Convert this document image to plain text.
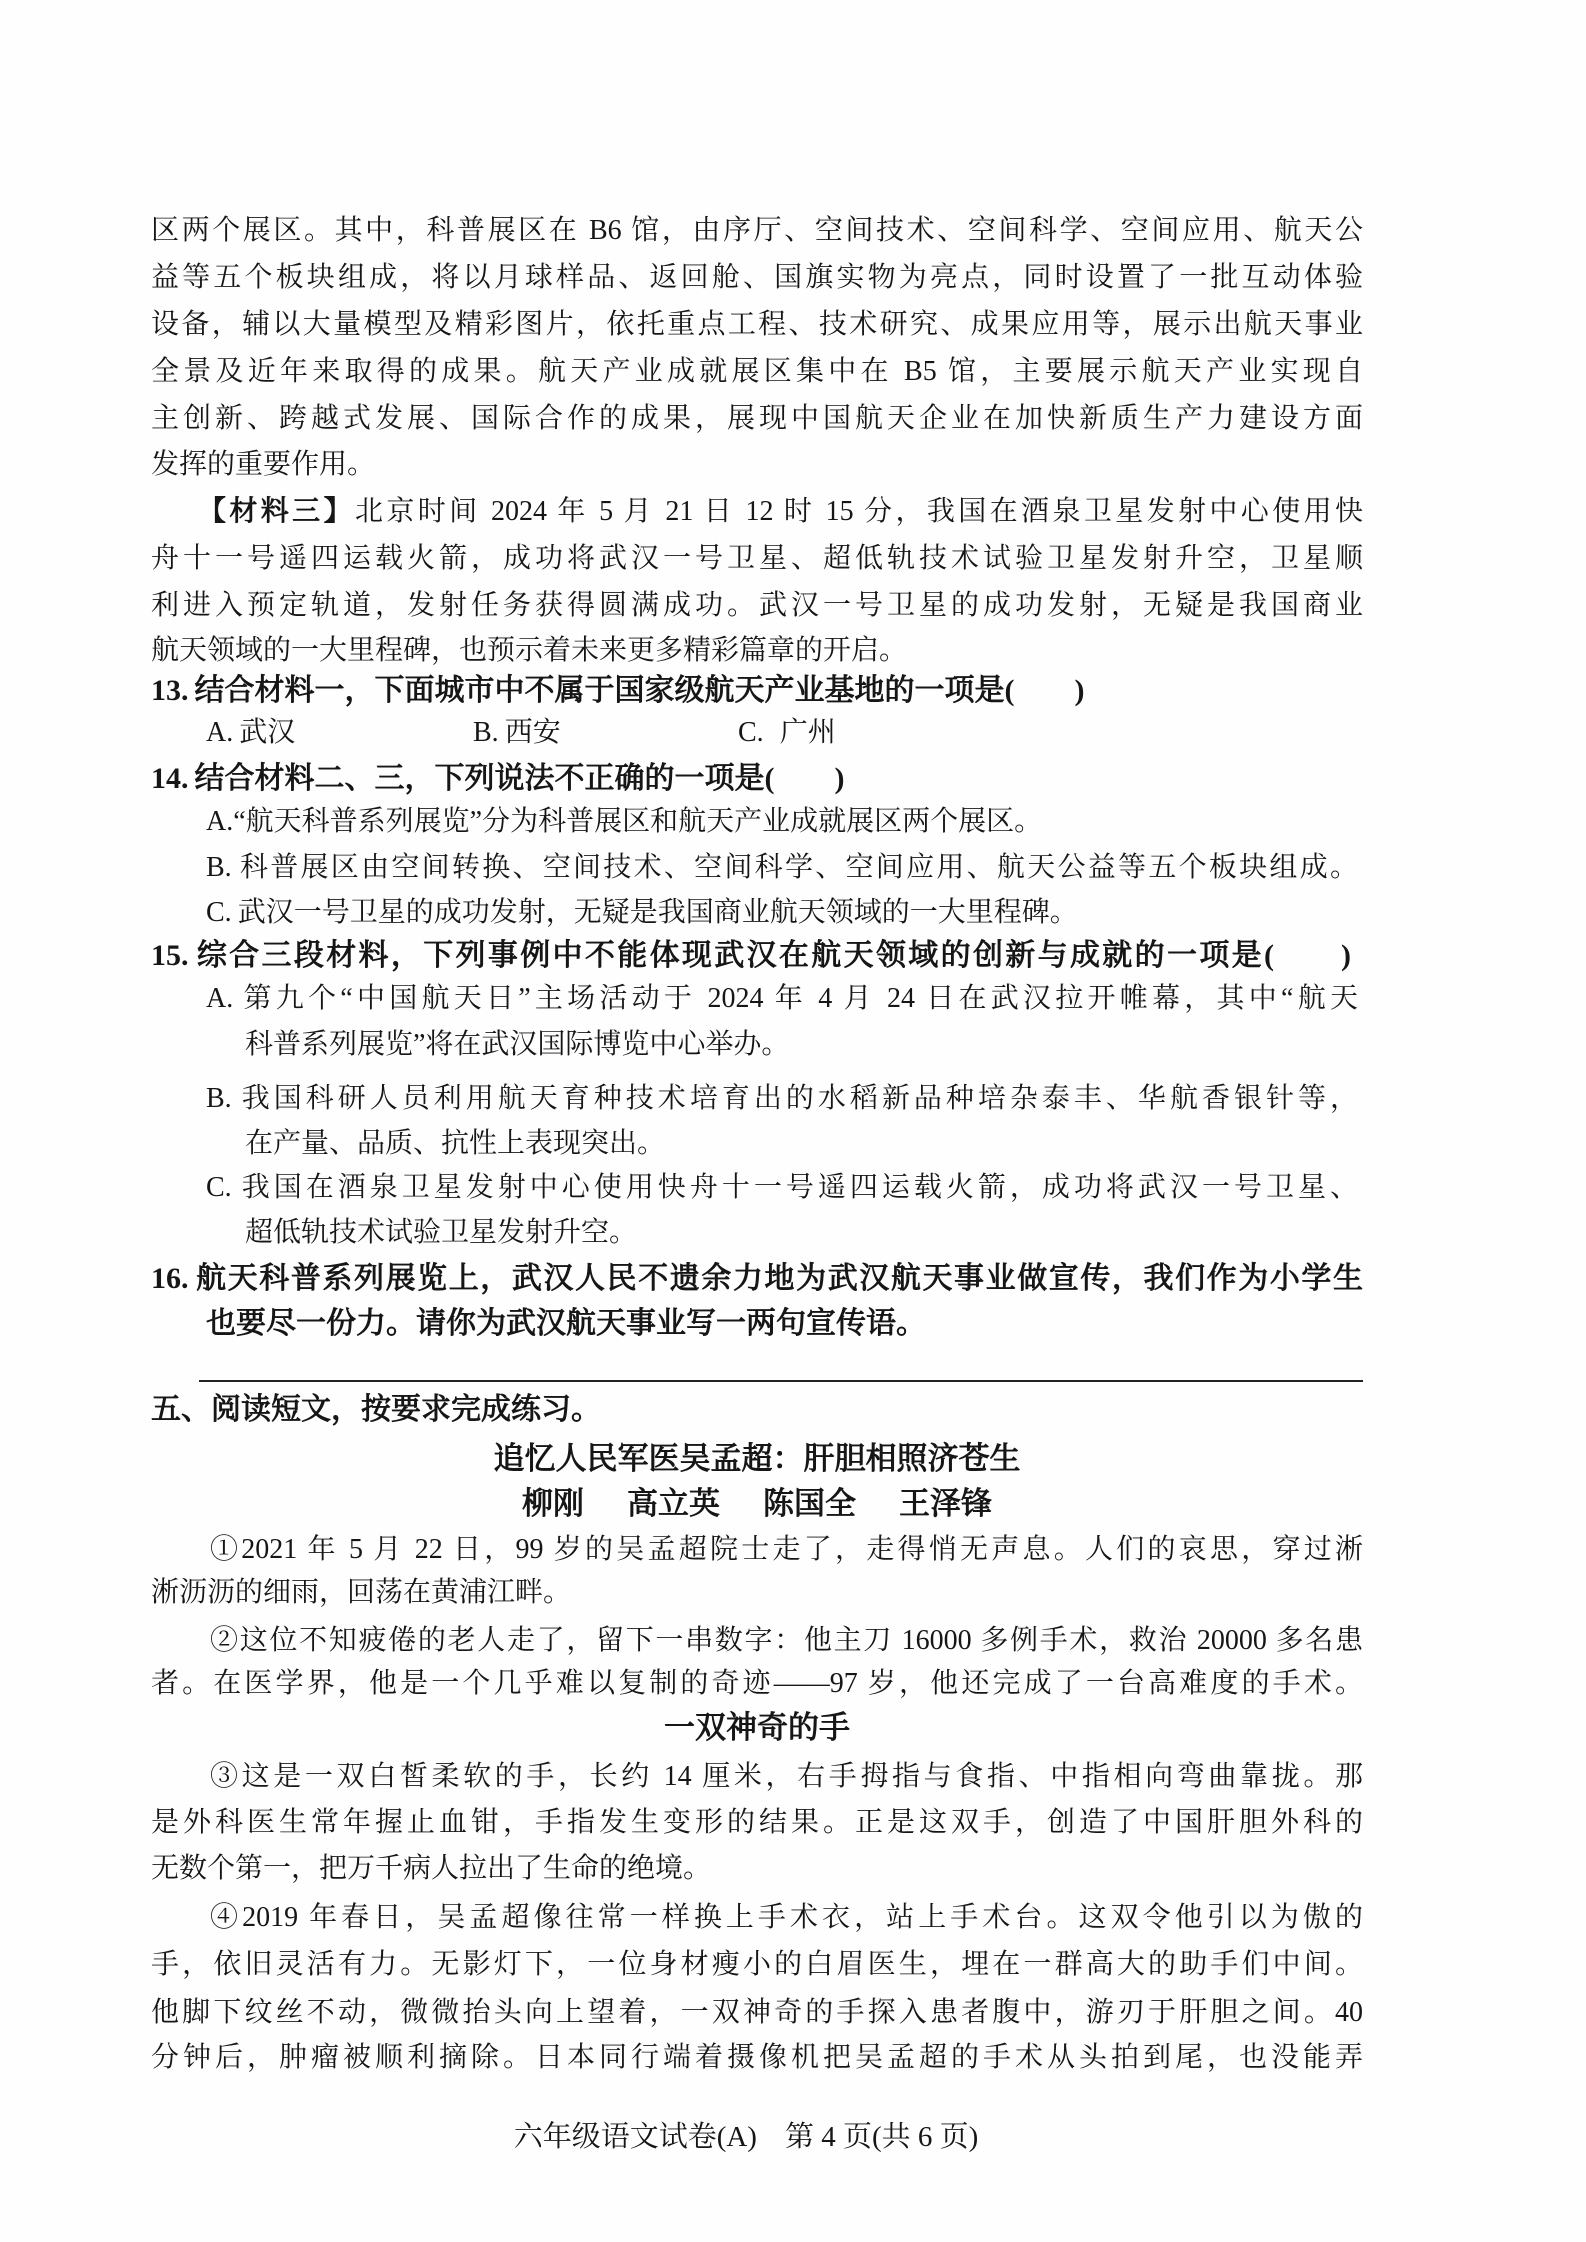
区两个展区。其中，科普展区在 B6 馆，由序厅、空间技术、空间科学、空间应用、航天公
益等五个板块组成，将以月球样品、返回舱、国旗实物为亮点，同时设置了一批互动体验
设备，辅以大量模型及精彩图片，依托重点工程、技术研究、成果应用等，展示出航天事业
全景及近年来取得的成果。航天产业成就展区集中在 B5 馆，主要展示航天产业实现自
主创新、跨越式发展、国际合作的成果，展现中国航天企业在加快新质生产力建设方面
发挥的重要作用。
【材料三】北京时间 2024 年 5 月 21 日 12 时 15 分，我国在酒泉卫星发射中心使用快
舟十一号遥四运载火箭，成功将武汉一号卫星、超低轨技术试验卫星发射升空，卫星顺
利进入预定轨道，发射任务获得圆满成功。武汉一号卫星的成功发射，无疑是我国商业
航天领域的一大里程碑，也预示着未来更多精彩篇章的开启。
13. 结合材料一，下面城市中不属于国家级航天产业基地的一项是(　　)
A. 武汉	B. 西安	C. 广州
14. 结合材料二、三，下列说法不正确的一项是(　　)
A.“航天科普系列展览”分为科普展区和航天产业成就展区两个展区。
B. 科普展区由空间转换、空间技术、空间科学、空间应用、航天公益等五个板块组成。
C. 武汉一号卫星的成功发射，无疑是我国商业航天领域的一大里程碑。
15. 综合三段材料，下列事例中不能体现武汉在航天领域的创新与成就的一项是(　　)
A. 第九个“中国航天日”主场活动于 2024 年 4 月 24 日在武汉拉开帷幕，其中“航天
科普系列展览”将在武汉国际博览中心举办。
B. 我国科研人员利用航天育种技术培育出的水稻新品种培杂泰丰、华航香银针等，
在产量、品质、抗性上表现突出。
C. 我国在酒泉卫星发射中心使用快舟十一号遥四运载火箭，成功将武汉一号卫星、
超低轨技术试验卫星发射升空。
16. 航天科普系列展览上，武汉人民不遗余力地为武汉航天事业做宣传，我们作为小学生
也要尽一份力。请你为武汉航天事业写一两句宣传语。
五、阅读短文，按要求完成练习。
追忆人民军医吴孟超：肝胆相照济苍生
柳刚 高立英 陈国全 王泽锋
①2021 年 5 月 22 日，99 岁的吴孟超院士走了，走得悄无声息。人们的哀思，穿过淅
淅沥沥的细雨，回荡在黄浦江畔。
②这位不知疲倦的老人走了，留下一串数字：他主刀 16000 多例手术，救治 20000 多名患
者。在医学界，他是一个几乎难以复制的奇迹——97 岁，他还完成了一台高难度的手术。
一双神奇的手
③这是一双白皙柔软的手，长约 14 厘米，右手拇指与食指、中指相向弯曲靠拢。那
是外科医生常年握止血钳，手指发生变形的结果。正是这双手，创造了中国肝胆外科的
无数个第一，把万千病人拉出了生命的绝境。
④2019 年春日，吴孟超像往常一样换上手术衣，站上手术台。这双令他引以为傲的
手，依旧灵活有力。无影灯下，一位身材瘦小的白眉医生，埋在一群高大的助手们中间。
他脚下纹丝不动，微微抬头向上望着，一双神奇的手探入患者腹中，游刃于肝胆之间。40
分钟后，肿瘤被顺利摘除。日本同行端着摄像机把吴孟超的手术从头拍到尾，也没能弄
六年级语文试卷(A) 第 4 页(共 6 页)
